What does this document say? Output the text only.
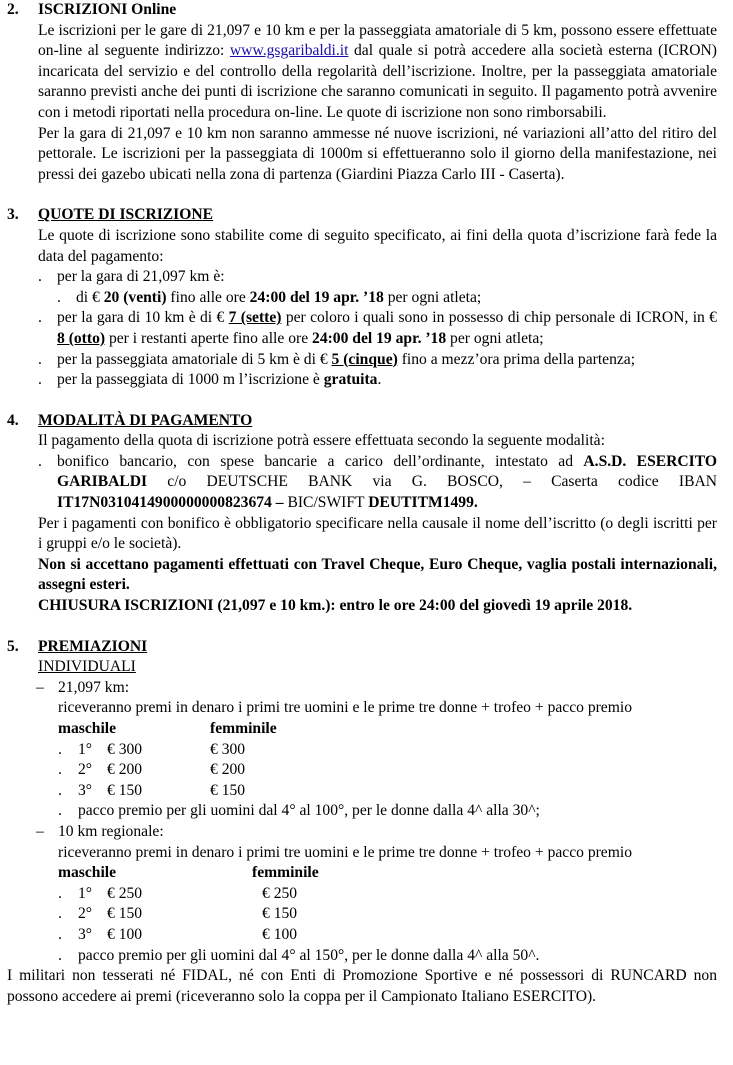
2. ISCRIZIONI Online

Le iscrizioni per le gare di 21,097 e 10 km e per la passeggiata amatoriale di 5 km, possono essere effettuate on-line al seguente indirizzo: www.gsgaribaldi.it dal quale si potrà accedere alla società esterna (ICRON) incaricata del servizio e del controllo della regolarità dell’iscrizione. Inoltre, per la passeggiata amatoriale saranno previsti anche dei punti di iscrizione che saranno comunicati in seguito. Il pagamento potrà avvenire con i metodi riportati nella procedura on-line. Le quote di iscrizione non sono rimborsabili.

Per la gara di 21,097 e 10 km non saranno ammesse né nuove iscrizioni, né variazioni all’atto del ritiro del pettorale. Le iscrizioni per la passeggiata di 1000m si effettueranno solo il giorno della manifestazione, nei pressi dei gazebo ubicati nella zona di partenza (Giardini Piazza Carlo III - Caserta).

3. QUOTE DI ISCRIZIONE

Le quote di iscrizione sono stabilite come di seguito specificato, ai fini della quota d’iscrizione farà fede la data del pagamento:

. per la gara di 21,097 km è:
. di € 20 (venti) fino alle ore 24:00 del 19 apr. ’18 per ogni atleta;
. per la gara di 10 km è di € 7 (sette) per coloro i quali sono in possesso di chip personale di ICRON, in € 8 (otto) per i restanti aperte fino alle ore 24:00 del 19 apr. ’18 per ogni atleta;
. per la passeggiata amatoriale di 5 km è di € 5 (cinque) fino a mezz’ora prima della partenza;
. per la passeggiata di 1000 m l’iscrizione è gratuita.
4. MODALITÀ DI PAGAMENTO

Il pagamento della quota di iscrizione potrà essere effettuata secondo la seguente modalità:

. bonifico bancario, con spese bancarie a carico dell’ordinante, intestato ad A.S.D. ESERCITO GARIBALDI c/o DEUTSCHE BANK via G. BOSCO, – Caserta codice IBAN IT17N0310414900000000823674 – BIC/SWIFT DEUTITM1499.

Per i pagamenti con bonifico è obbligatorio specificare nella causale il nome dell’iscritto (o degli iscritti per i gruppi e/o le società).

Non si accettano pagamenti effettuati con Travel Cheque, Euro Cheque, vaglia postali internazionali, assegni esteri.

CHIUSURA ISCRIZIONI (21,097 e 10 km.): entro le ore 24:00 del giovedì 19 aprile 2018.

5. PREMIAZIONI
INDIVIDUALI
– 21,097 km:
riceveranno premi in denaro i primi tre uomini e le prime tre donne + trofeo + pacco premio
maschile	femminile
. 1° € 300	€ 300
. 2° € 200	€ 200
. 3° € 150	€ 150
. pacco premio per gli uomini dal 4° al 100°, per le donne dalla 4^ alla 30^;
– 10 km regionale:
riceveranno premi in denaro i primi tre uomini e le prime tre donne + trofeo + pacco premio
maschile	femminile
. 1° € 250	€ 250
. 2° € 150	€ 150
. 3° € 100	€ 100
. pacco premio per gli uomini dal 4° al 150°, per le donne dalla 4^ alla 50^.

I militari non tesserati né FIDAL, né con Enti di Promozione Sportive e né possessori di RUNCARD non possono accedere ai premi (riceveranno solo la coppa per il Campionato Italiano ESERCITO).
